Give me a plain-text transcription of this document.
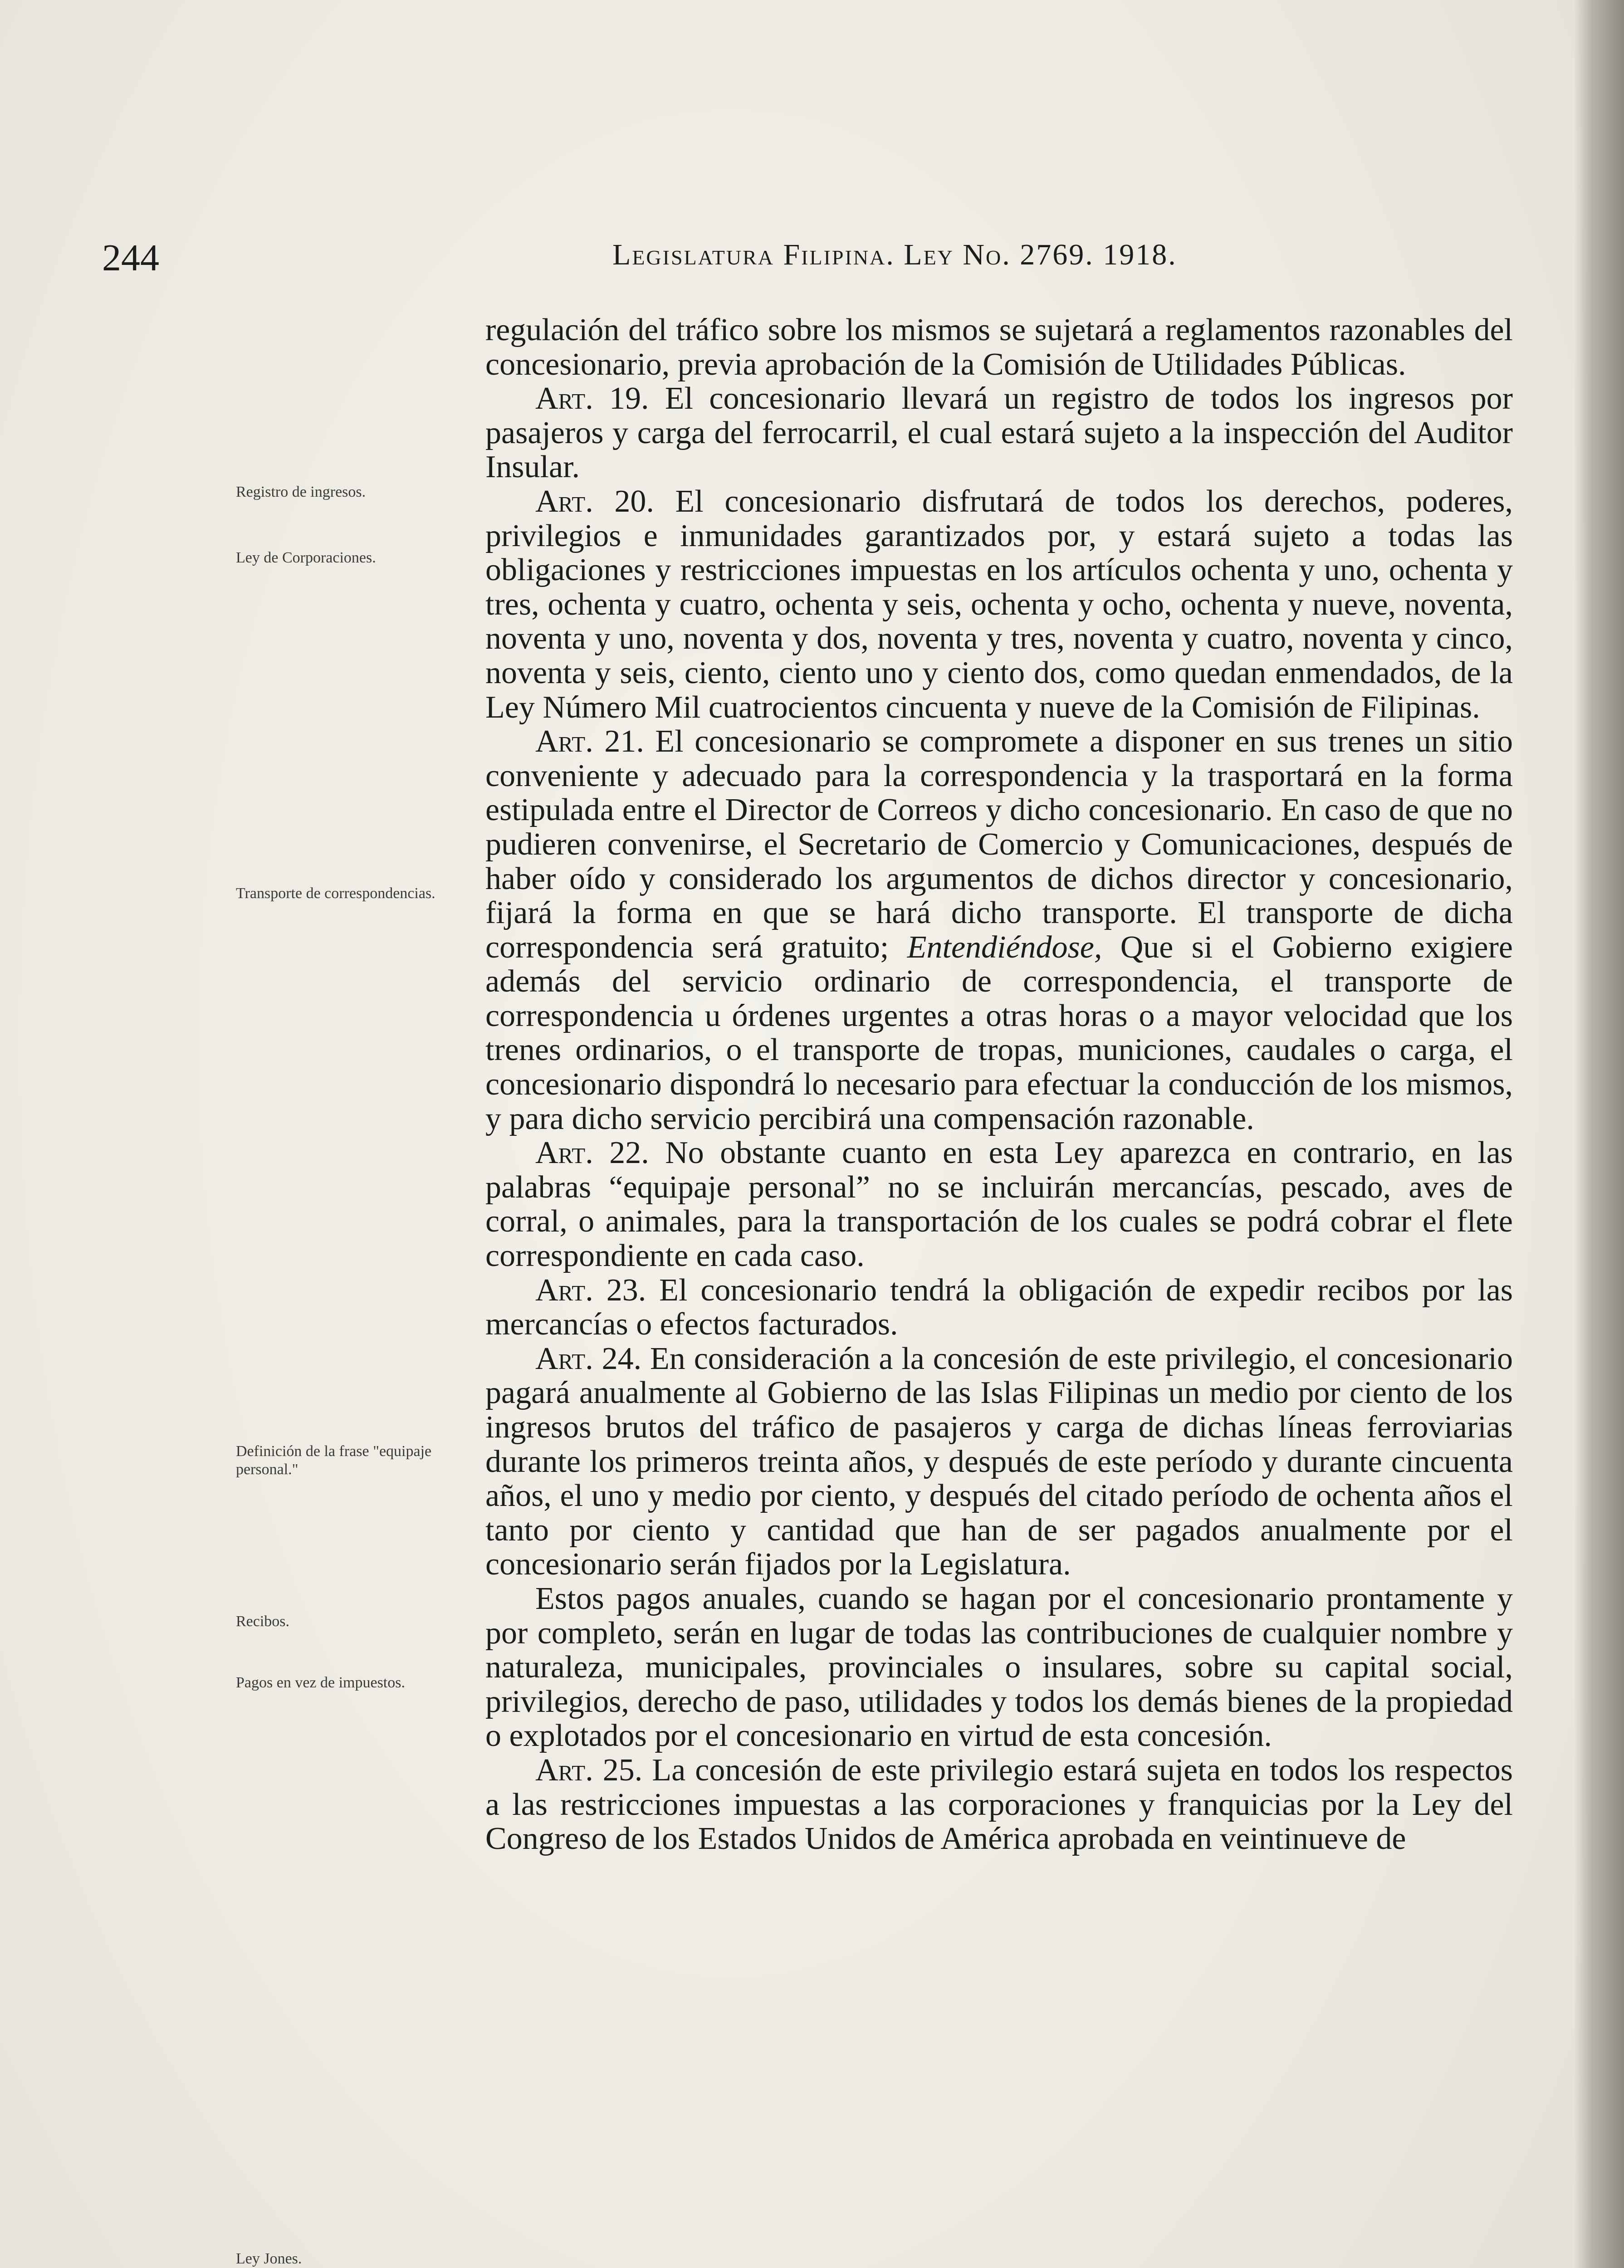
244	Legislatura Filipina. Ley No. 2769. 1918.
Registro de ingresos.
Ley de Corporaciones.
Transporte de correspondencias.
Definición de la frase "equipaje personal."
Recibos.
Pagos en vez de impuestos.
Ley Jones.

regulación del tráfico sobre los mismos se sujetará a reglamentos razonables del concesionario, previa aprobación de la Comisión de Utilidades Públicas.

Art. 19. El concesionario llevará un registro de todos los ingresos por pasajeros y carga del ferrocarril, el cual estará sujeto a la inspección del Auditor Insular.

Art. 20. El concesionario disfrutará de todos los derechos, poderes, privilegios e inmunidades garantizados por, y estará sujeto a todas las obligaciones y restricciones impuestas en los artículos ochenta y uno, ochenta y tres, ochenta y cuatro, ochenta y seis, ochenta y ocho, ochenta y nueve, noventa, noventa y uno, noventa y dos, noventa y tres, noventa y cuatro, noventa y cinco, noventa y seis, ciento, ciento uno y ciento dos, como quedan enmendados, de la Ley Número Mil cuatrocientos cincuenta y nueve de la Comisión de Filipinas.

Art. 21. El concesionario se compromete a disponer en sus trenes un sitio conveniente y adecuado para la correspondencia y la trasportará en la forma estipulada entre el Director de Correos y dicho concesionario. En caso de que no pudieren convenirse, el Secretario de Comercio y Comunicaciones, después de haber oído y considerado los argumentos de dichos director y concesionario, fijará la forma en que se hará dicho transporte. El transporte de dicha correspondencia será gratuito; Entendiéndose, Que si el Gobierno exigiere además del servicio ordinario de correspondencia, el transporte de correspondencia u órdenes urgentes a otras horas o a mayor velocidad que los trenes ordinarios, o el transporte de tropas, municiones, caudales o carga, el concesionario dispondrá lo necesario para efectuar la conducción de los mismos, y para dicho servicio percibirá una compensación razonable.

Art. 22. No obstante cuanto en esta Ley aparezca en contrario, en las palabras “equipaje personal” no se incluirán mercancías, pescado, aves de corral, o animales, para la transportación de los cuales se podrá cobrar el flete correspondiente en cada caso.

Art. 23. El concesionario tendrá la obligación de expedir recibos por las mercancías o efectos facturados.

Art. 24. En consideración a la concesión de este privilegio, el concesionario pagará anualmente al Gobierno de las Islas Filipinas un medio por ciento de los ingresos brutos del tráfico de pasajeros y carga de dichas líneas ferroviarias durante los primeros treinta años, y después de este período y durante cincuenta años, el uno y medio por ciento, y después del citado período de ochenta años el tanto por ciento y cantidad que han de ser pagados anualmente por el concesionario serán fijados por la Legislatura.

Estos pagos anuales, cuando se hagan por el concesionario prontamente y por completo, serán en lugar de todas las contribuciones de cualquier nombre y naturaleza, municipales, provinciales o insulares, sobre su capital social, privilegios, derecho de paso, utilidades y todos los demás bienes de la propiedad o explotados por el concesionario en virtud de esta concesión.

Art. 25. La concesión de este privilegio estará sujeta en todos los respectos a las restricciones impuestas a las corporaciones y franquicias por la Ley del Congreso de los Estados Unidos de América aprobada en veintinueve de
